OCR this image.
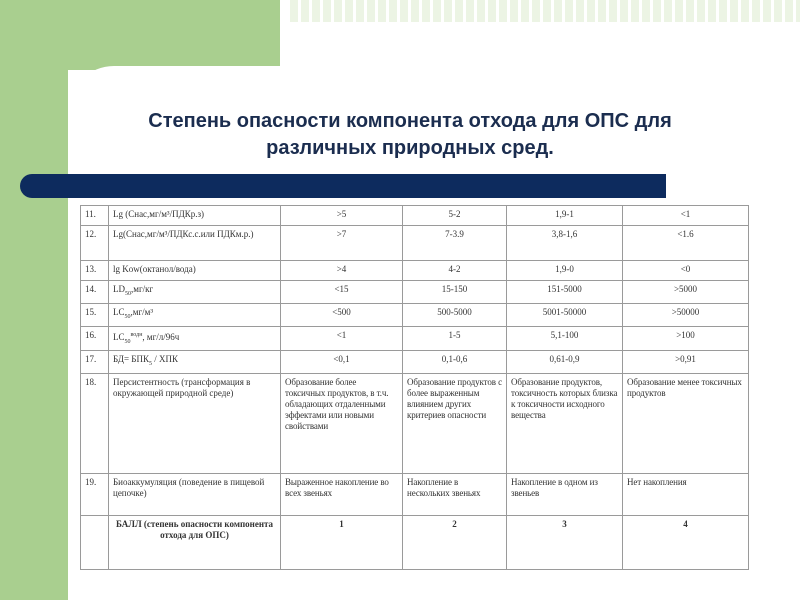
Степень опасности компонента отхода для ОПС для различных природных сред.
11.	Lg (Снас,мг/м³/ПДКр.з)	>5	5-2	1,9-1	<1
12.	Lg(Снас,мг/м³/ПДКс.с.или ПДКм.р.)	>7	7-3.9	3,8-1,6	<1.6
13.	lg Kow(октанол/вода)	>4	4-2	1,9-0	<0
14.	$LD_{50},мг/кг$	<15	15-150	151-5000	>5000
15.	$LC_{50},мг/м^3$	<500	500-5000	5001-50000	>50000
16.	$LC_{50}^{водн}$, мг/л/96ч	<1	1-5	5,1-100	>100
17.	$БД= БПК_5$ / ХПК	<0,1	0,1-0,6	0,61-0,9	>0,91
18.	Персистентность (трансформация в окружающей природной среде)	Образование более токсичных продуктов, в т.ч. обладающих отдаленными эффектами или новыми свойствами	Образование продуктов с более выраженным влиянием других критериев опасности	Образование продуктов, токсичность которых близка к токсичности исходного вещества	Образование менее токсичных продуктов
19.	Биоаккумуляция (поведение в пищевой цепочке)	Выраженное накопление во всех звеньях	Накопление в нескольких звеньях	Накопление в одном из звеньев	Нет накопления
	БАЛЛ (степень опасности компонента отхода для ОПС)	1	2	3	4
